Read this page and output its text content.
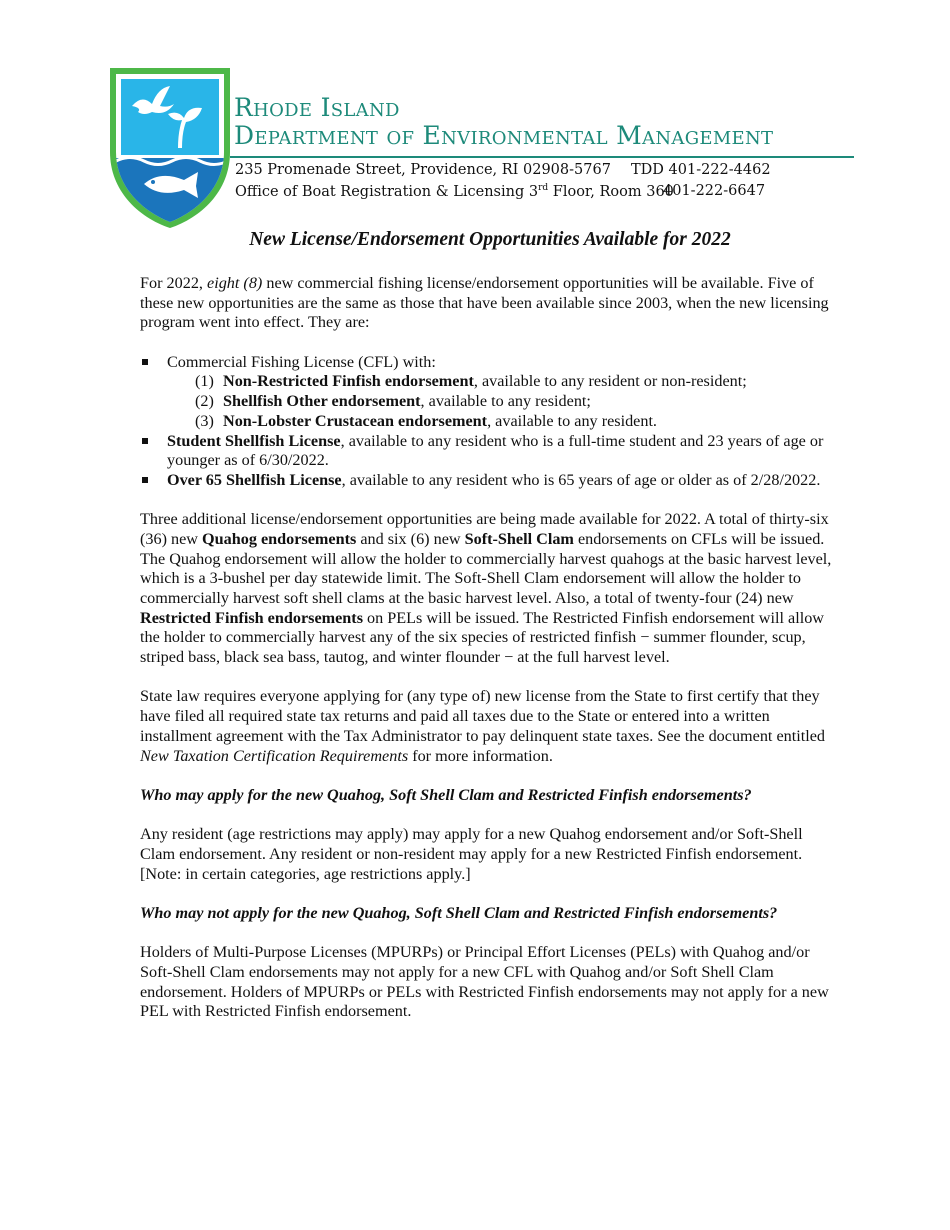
Rhode Island
Department of Environmental Management
235 Promenade Street, Providence, RI 02908-5767 TDD 401-222-4462
Office of Boat Registration & Licensing 3rd Floor, Room 360
401-222-6647
New License/Endorsement Opportunities Available for 2022

For 2022, eight (8) new commercial fishing license/endorsement opportunities will be available. Five of these new opportunities are the same as those that have been available since 2003, when the new licensing program went into effect. They are:

Commercial Fishing License (CFL) with:
(1) Non-Restricted Finfish endorsement, available to any resident or non-resident;
(2) Shellfish Other endorsement, available to any resident;
(3) Non-Lobster Crustacean endorsement, available to any resident.
Student Shellfish License, available to any resident who is a full-time student and 23 years of age or younger as of 6/30/2022.
Over 65 Shellfish License, available to any resident who is 65 years of age or older as of 2/28/2022.

Three additional license/endorsement opportunities are being made available for 2022. A total of thirty-six (36) new Quahog endorsements and six (6) new Soft-Shell Clam endorsements on CFLs will be issued. The Quahog endorsement will allow the holder to commercially harvest quahogs at the basic harvest level, which is a 3-bushel per day statewide limit. The Soft-Shell Clam endorsement will allow the holder to commercially harvest soft shell clams at the basic harvest level. Also, a total of twenty-four (24) new Restricted Finfish endorsements on PELs will be issued. The Restricted Finfish endorsement will allow the holder to commercially harvest any of the six species of restricted finfish − summer flounder, scup, striped bass, black sea bass, tautog, and winter flounder − at the full harvest level.

State law requires everyone applying for (any type of) new license from the State to first certify that they have filed all required state tax returns and paid all taxes due to the State or entered into a written installment agreement with the Tax Administrator to pay delinquent state taxes. See the document entitled New Taxation Certification Requirements for more information.

Who may apply for the new Quahog, Soft Shell Clam and Restricted Finfish endorsements?

Any resident (age restrictions may apply) may apply for a new Quahog endorsement and/or Soft-Shell Clam endorsement. Any resident or non-resident may apply for a new Restricted Finfish endorsement. [Note: in certain categories, age restrictions apply.]

Who may not apply for the new Quahog, Soft Shell Clam and Restricted Finfish endorsements?

Holders of Multi-Purpose Licenses (MPURPs) or Principal Effort Licenses (PELs) with Quahog and/or Soft-Shell Clam endorsements may not apply for a new CFL with Quahog and/or Soft Shell Clam endorsement. Holders of MPURPs or PELs with Restricted Finfish endorsements may not apply for a new PEL with Restricted Finfish endorsement.
